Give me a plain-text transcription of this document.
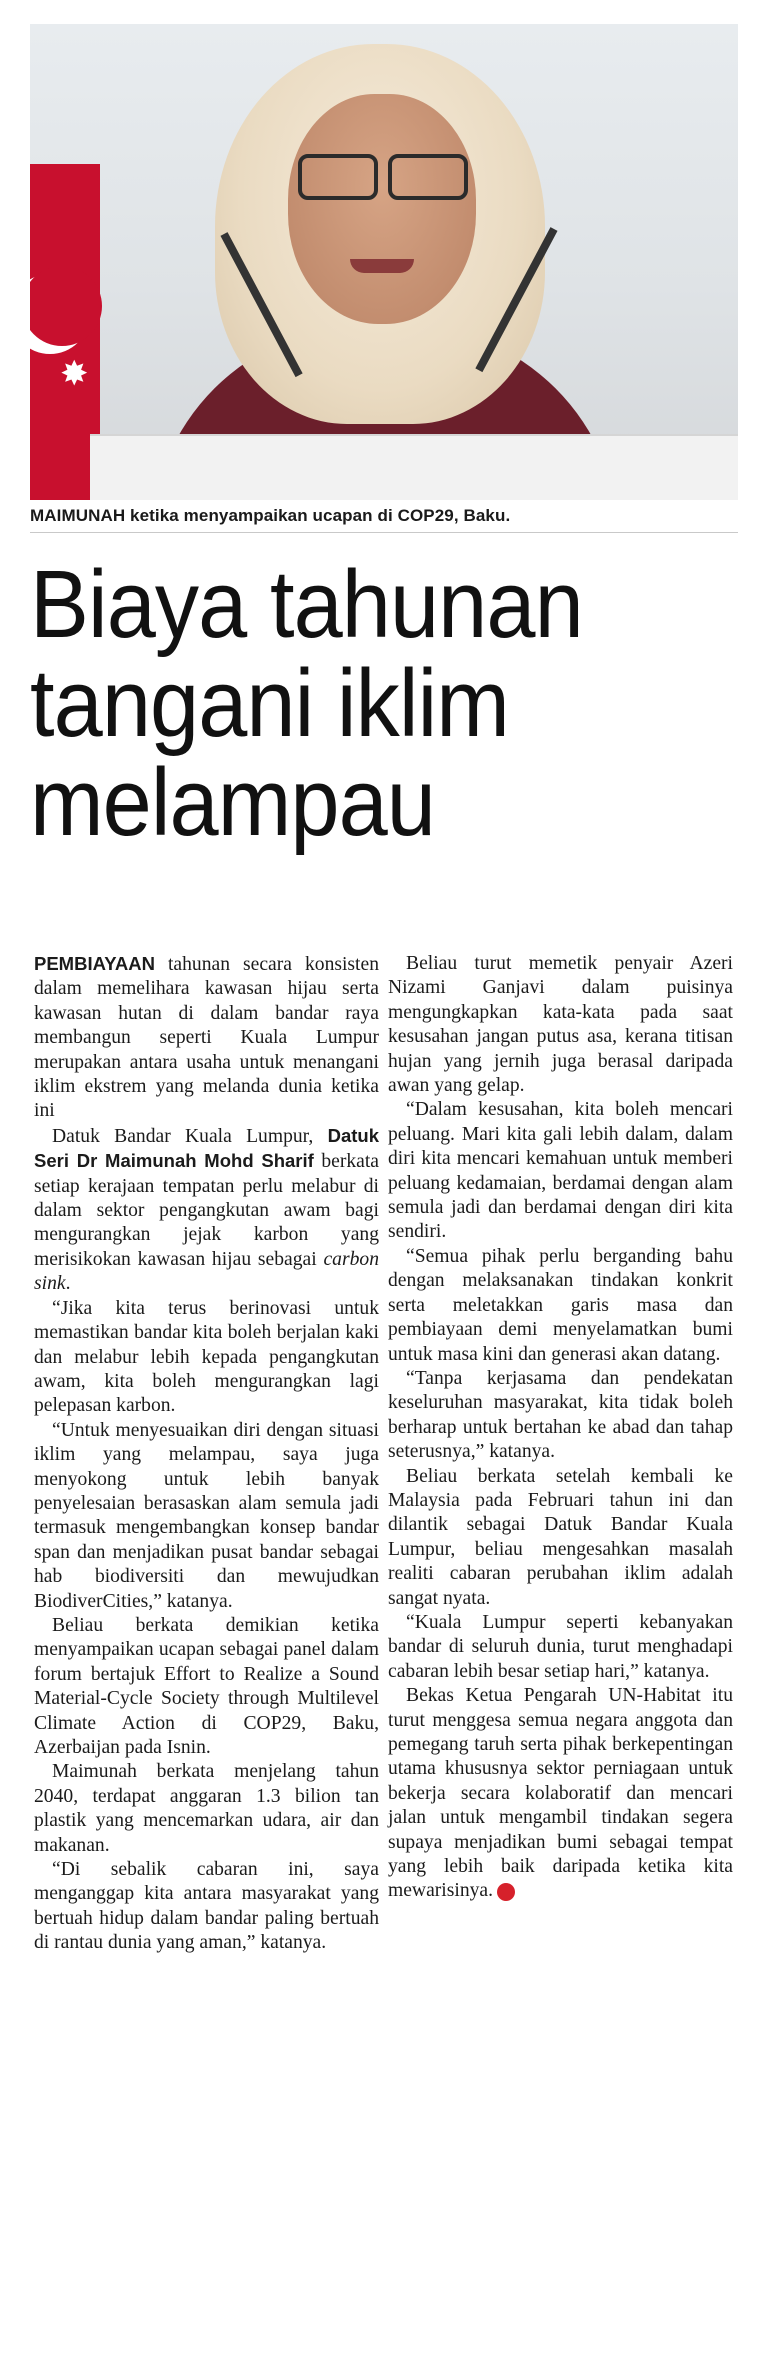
✸
MAIMUNAH ketika menyampaikan ucapan di COP29, Baku.
Biaya tahunan
tangani iklim
melampau

PEMBIAYAAN tahunan secara konsisten dalam memelihara kawasan hijau serta kawasan hutan di dalam bandar raya membangun seperti Kuala Lumpur merupakan antara usaha untuk menangani iklim ekstrem yang melanda dunia ketika ini

Datuk Bandar Kuala Lumpur, Datuk Seri Dr Maimunah Mohd Sharif berkata setiap kerajaan tempatan perlu melabur di dalam sektor pengangkutan awam bagi mengurangkan jejak karbon yang merisikokan kawasan hijau sebagai carbon sink.

“Jika kita terus berinovasi untuk memastikan bandar kita boleh berjalan kaki dan melabur lebih kepada pengangkutan awam, kita boleh mengurangkan lagi pelepasan karbon.

“Untuk menyesuaikan diri dengan situasi iklim yang melampau, saya juga menyokong untuk lebih banyak penyelesaian berasaskan alam semula jadi termasuk mengembangkan konsep bandar span dan menjadikan pusat bandar sebagai hab biodiversiti dan mewujudkan BiodiverCities,” katanya.

Beliau berkata demikian ketika menyampaikan ucapan sebagai panel dalam forum bertajuk Effort to Realize a Sound Material-Cycle Society through Multilevel Climate Action di COP29, Baku, Azerbaijan pada Isnin.

Maimunah berkata menjelang tahun 2040, terdapat anggaran 1.3 bilion tan plastik yang mencemarkan udara, air dan makanan.

“Di sebalik cabaran ini, saya menganggap kita antara masyarakat yang bertuah hidup dalam bandar paling bertuah di rantau dunia yang aman,” katanya.

Beliau turut memetik penyair Azeri Nizami Ganjavi dalam puisinya mengungkapkan kata-kata pada saat kesusahan jangan putus asa, kerana titisan hujan yang jernih juga berasal daripada awan yang gelap.

“Dalam kesusahan, kita boleh mencari peluang. Mari kita gali lebih dalam, dalam diri kita mencari kemahuan untuk memberi peluang kedamaian, berdamai dengan alam semula jadi dan berdamai dengan diri kita sendiri.

“Semua pihak perlu berganding bahu dengan melaksanakan tindakan konkrit serta meletakkan garis masa dan pembiayaan demi menyelamatkan bumi untuk masa kini dan generasi akan datang.

“Tanpa kerjasama dan pendekatan keseluruhan masyarakat, kita tidak boleh berharap untuk bertahan ke abad dan tahap seterusnya,” katanya.

Beliau berkata setelah kembali ke Malaysia pada Februari tahun ini dan dilantik sebagai Datuk Bandar Kuala Lumpur, beliau mengesahkan masalah realiti cabaran perubahan iklim adalah sangat nyata.

“Kuala Lumpur seperti kebanyakan bandar di seluruh dunia, turut menghadapi cabaran lebih besar setiap hari,” katanya.

Bekas Ketua Pengarah UN-Habitat itu turut menggesa semua negara anggota dan pemegang taruh serta pihak berkepentingan utama khususnya sektor perniagaan untuk bekerja secara kolaboratif dan mencari jalan untuk mengambil tindakan segera supaya menjadikan bumi sebagai tempat yang lebih baik daripada ketika kita mewarisinya. »
